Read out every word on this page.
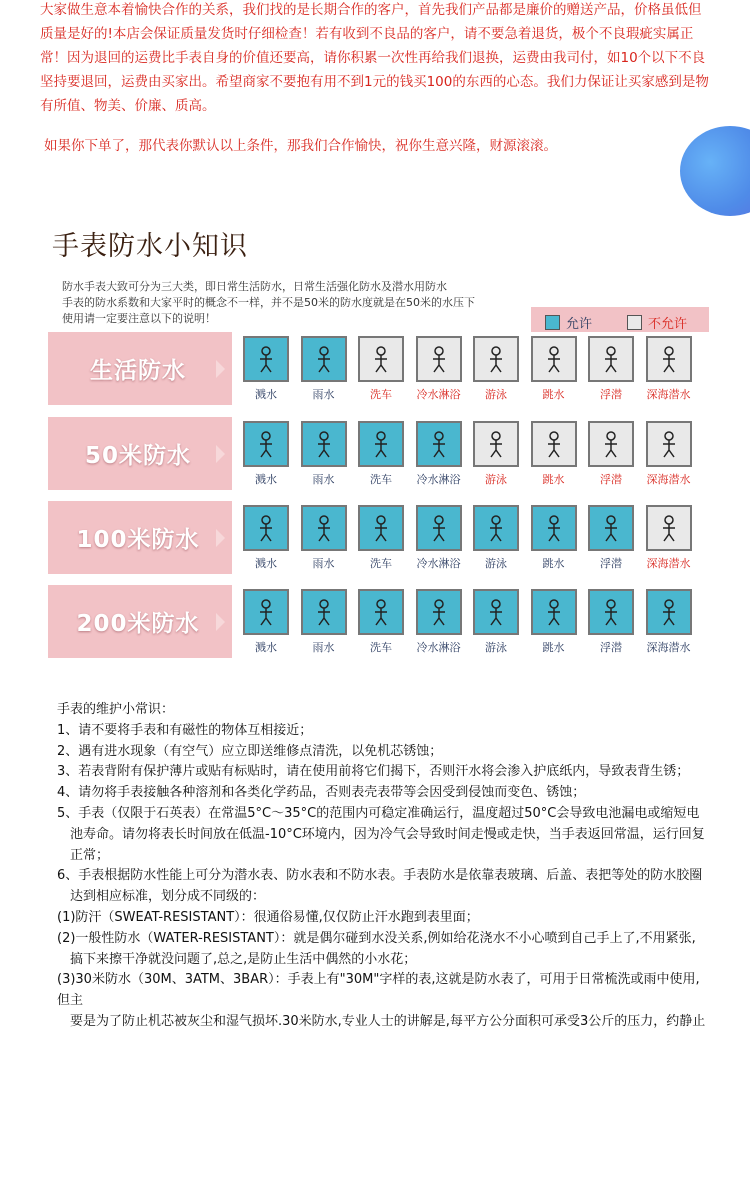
大家做生意本着愉快合作的关系，我们找的是长期合作的客户，首先我们产品都是廉价的赠送产品，价格虽低但质量是好的!本店会保证质量发货时仔细检查！若有收到不良品的客户，请不要急着退货，极个不良瑕疵实属正常！因为退回的运费比手表自身的价值还要高，请你积累一次性再给我们退换，运费由我司付，如10个以下不良坚持要退回，运费由买家出。希望商家不要抱有用不到1元的钱买100的东西的心态。我们力保证让买家感到是物有所值、物美、价廉、质高。
如果你下单了，那代表你默认以上条件，那我们合作愉快，祝你生意兴隆，财源滚滚。
手表防水小知识
防水手表大致可分为三大类，即日常生活防水，日常生活强化防水及潜水用防水
手表的防水系数和大家平时的概念不一样，并不是50米的防水度就是在50米的水压下
使用请一定要注意以下的说明！	允许	不允许
生活防水
溅水	雨水	洗车	冷水淋浴	游泳	跳水	浮潜	深海潜水
50米防水
溅水	雨水	洗车	冷水淋浴	游泳	跳水	浮潜	深海潜水
100米防水
溅水	雨水	洗车	冷水淋浴	游泳	跳水	浮潜	深海潜水
200米防水
溅水	雨水	洗车	冷水淋浴	游泳	跳水	浮潜	深海潜水

手表的维护小常识：

1、请不要将手表和有磁性的物体互相接近；

2、遇有进水现象（有空气）应立即送维修点清洗，以免机芯锈蚀；

3、若表背附有保护薄片或贴有标贴时，请在使用前将它们揭下，否则汗水将会渗入护底纸内，导致表背生锈；

4、请勿将手表接触各种溶剂和各类化学药品，否则表壳表带等会因受到侵蚀而变色、锈蚀；

5、手表（仅限于石英表）在常温5°C～35°C的范围内可稳定准确运行，温度超过50°C会导致电池漏电或缩短电

　池寿命。请勿将表长时间放在低温-10°C环境内，因为冷气会导致时间走慢或走快，当手表返回常温，运行回复

　正常；

6、手表根据防水性能上可分为潜水表、防水表和不防水表。手表防水是依靠表玻璃、后盖、表把等处的防水胶圈

　达到相应标准，划分成不同级的：

(1)防汗（SWEAT-RESISTANT）：很通俗易懂,仅仅防止汗水跑到表里面；

(2)一般性防水（WATER-RESISTANT）：就是偶尔碰到水没关系,例如给花浇水不小心喷到自己手上了,不用紧张,

　搞下来擦干净就没问题了,总之,是防止生活中偶然的小水花；

(3)30米防水（30M、3ATM、3BAR）：手表上有"30M"字样的表,这就是防水表了，可用于日常梳洗或雨中使用,但主

　要是为了防止机芯被灰尘和湿气损坏.30米防水,专业人士的讲解是,每平方公分面积可承受3公斤的压力，约静止
